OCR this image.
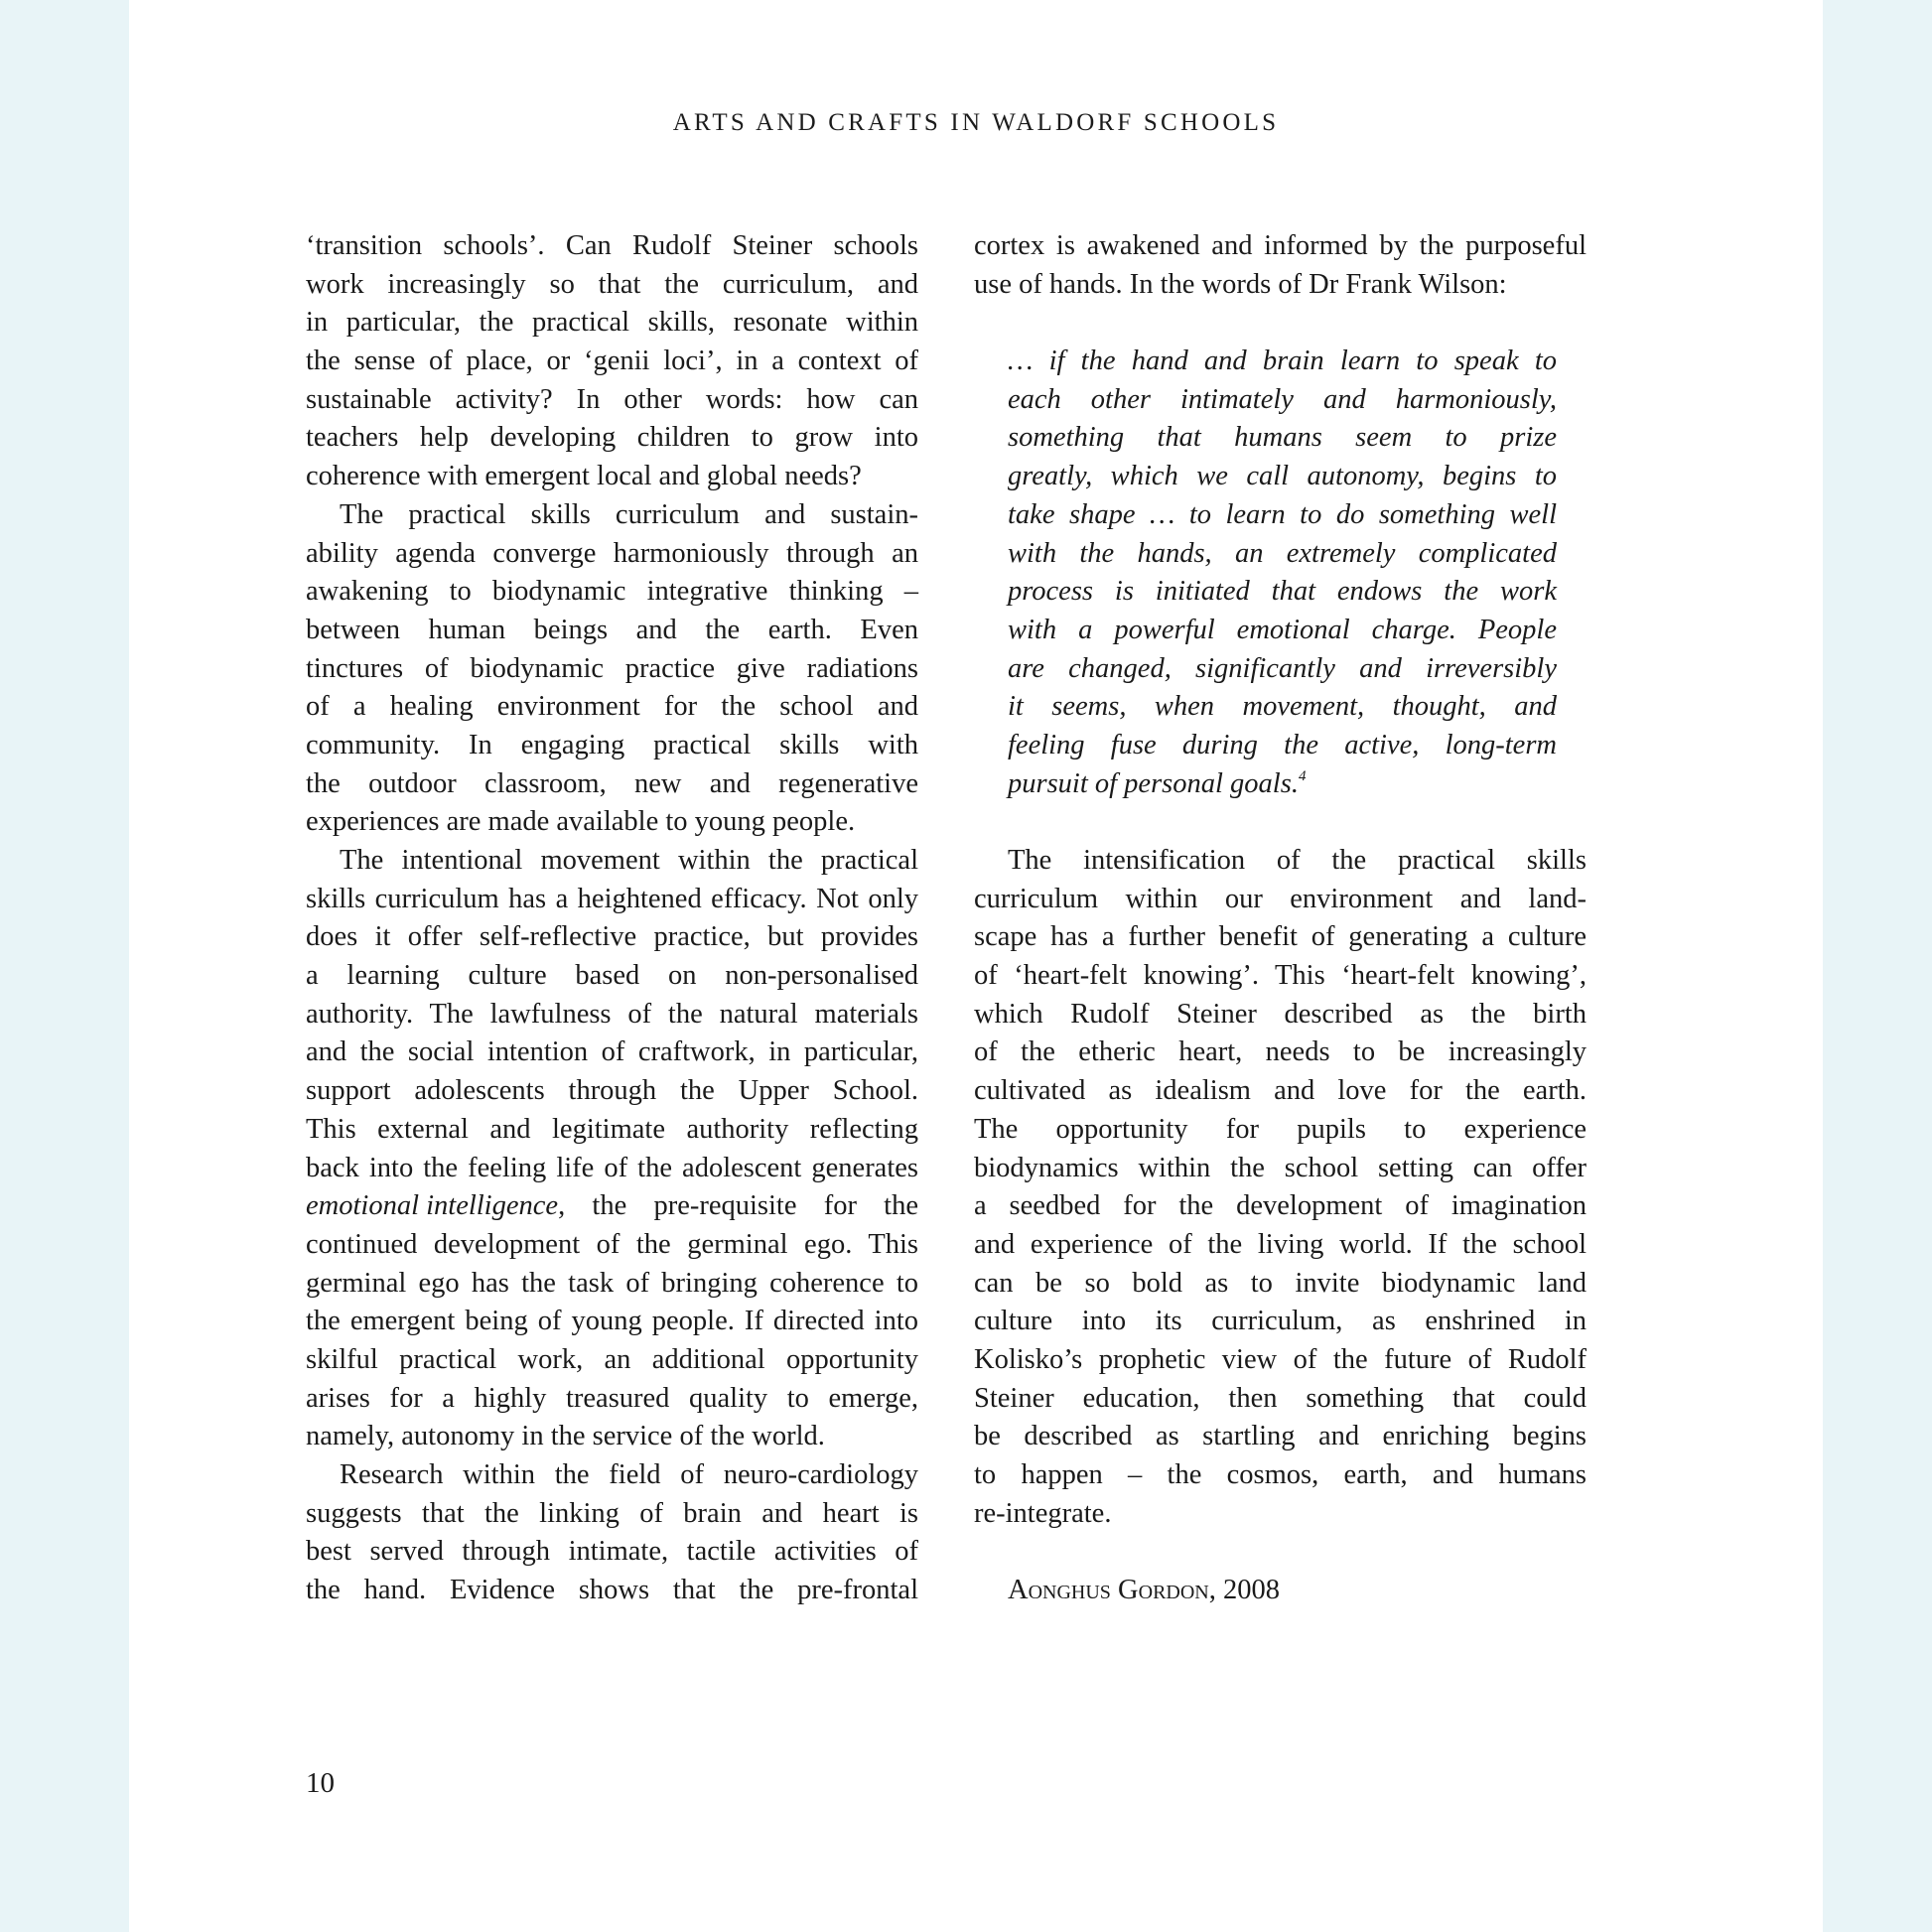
ARTS AND CRAFTS IN WALDORF SCHOOLS
‘transition schools’. Can Rudolf Steiner schools
work increasingly so that the curriculum, and
in particular, the practical skills, resonate within
the sense of place, or ‘genii loci’, in a context of
sustainable activity? In other words: how can
teachers help developing children to grow into
coherence with emergent local and global needs?
The practical skills curriculum and sustain-
ability agenda converge harmoniously through an
awakening to biodynamic integrative thinking –
between human beings and the earth. Even
tinctures of biodynamic practice give radiations
of a healing environment for the school and
community. In engaging practical skills with
the outdoor classroom, new and regenerative
experiences are made available to young people.
The intentional movement within the practical
skills curriculum has a heightened efficacy. Not only
does it offer self-reflective practice, but provides
a learning culture based on non-personalised
authority. The lawfulness of the natural materials
and the social intention of craftwork, in particular,
support adolescents through the Upper School.
This external and legitimate authority reflecting
back into the feeling life of the adolescent generates
emotional intelligence , the pre-requisite for the
continued development of the germinal ego. This
germinal ego has the task of bringing coherence to
the emergent being of young people. If directed into
skilful practical work, an additional opportunity
arises for a highly treasured quality to emerge,
namely, autonomy in the service of the world.
Research within the field of neuro-cardiology
suggests that the linking of brain and heart is
best served through intimate, tactile activities of
the hand. Evidence shows that the pre-frontal
cortex is awakened and informed by the purposeful
use of hands. In the words of Dr Frank Wilson:
… if the hand and brain learn to speak to
each other intimately and harmoniously,
something that humans seem to prize
greatly, which we call autonomy, begins to
take shape … to learn to do something well
with the hands, an extremely complicated
process is initiated that endows the work
with a powerful emotional charge. People
are changed, significantly and irreversibly
it seems, when movement, thought, and
feeling fuse during the active, long-term
pursuit of personal goals.$^4$
The intensification of the practical skills
curriculum within our environment and land-
scape has a further benefit of generating a culture
of ‘heart-felt knowing’. This ‘heart-felt knowing’,
which Rudolf Steiner described as the birth
of the etheric heart, needs to be increasingly
cultivated as idealism and love for the earth.
The opportunity for pupils to experience
biodynamics within the school setting can offer
a seedbed for the development of imagination
and experience of the living world. If the school
can be so bold as to invite biodynamic land
culture into its curriculum, as enshrined in
Kolisko’s prophetic view of the future of Rudolf
Steiner education, then something that could
be described as startling and enriching begins
to happen – the cosmos, earth, and humans
re-integrate.
Aonghus Gordon, 2008
10
